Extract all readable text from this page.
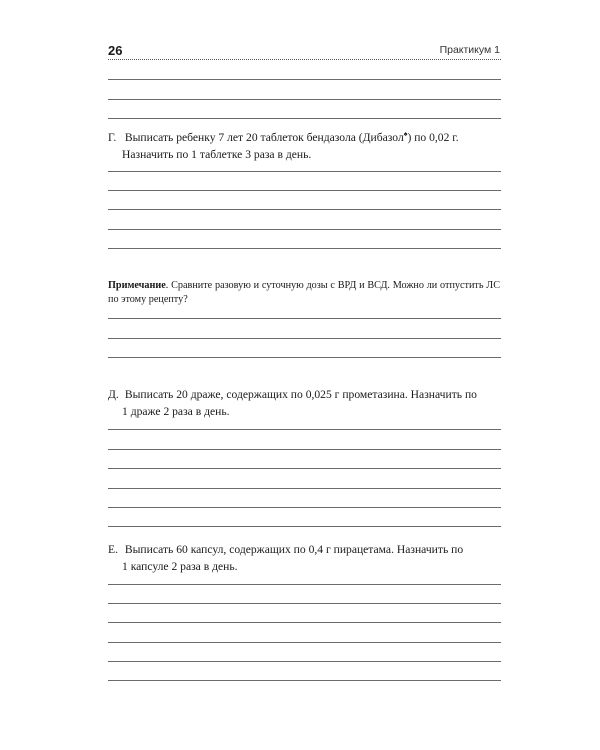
26	Практикум 1
Г. Выписать ребенку 7 лет 20 таблеток бендазола (Дибазол♠) по 0,02 г.
Назначить по 1 таблетке 3 раза в день.
Примечание. Сравните разовую и суточную дозы с ВРД и ВСД. Можно ли отпустить ЛС по этому рецепту?
Д. Выписать 20 драже, содержащих по 0,025 г прометазина. Назначить по
1 драже 2 раза в день.
Е. Выписать 60 капсул, содержащих по 0,4 г пирацетама. Назначить по
1 капсуле 2 раза в день.
